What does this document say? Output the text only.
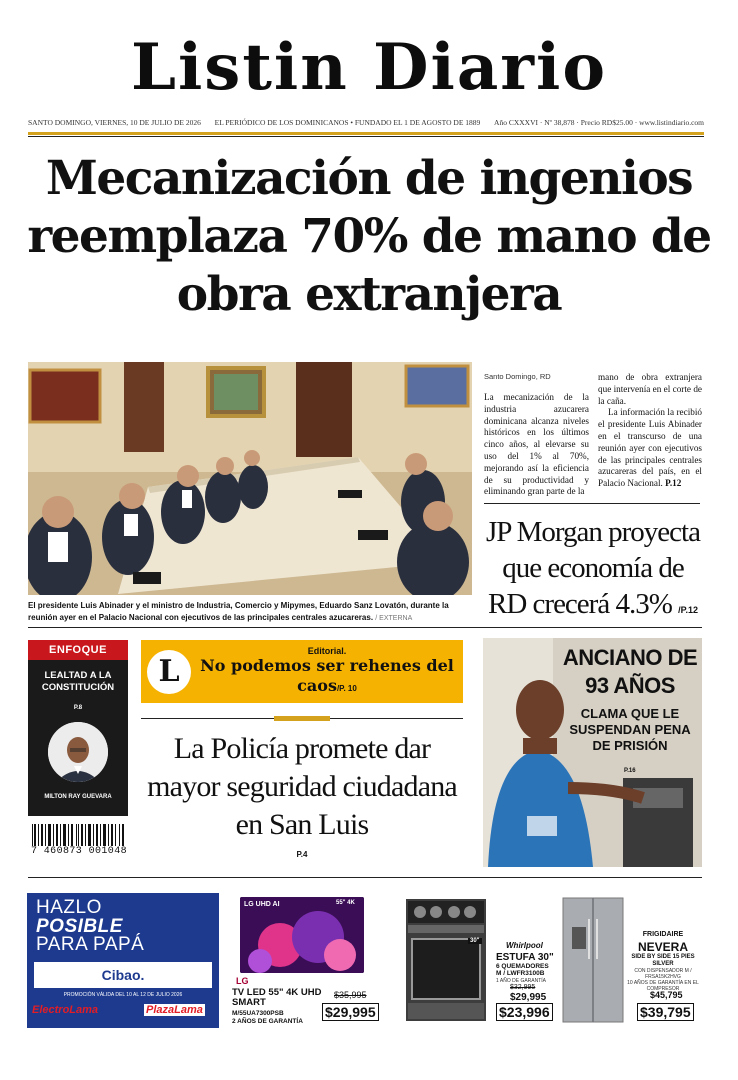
Listin Diario
SANTO DOMINGO, VIERNES, 10 DE JULIO DE 2026 EL PERIÓDICO DE LOS DOMINICANOS • FUNDADO EL 1 DE AGOSTO DE 1889 Año CXXXVI · Nº 38,878 · Precio RD$25.00 · www.listindiario.com
Mecanización de ingenios reemplaza 70% de mano de obra extranjera
El presidente Luis Abinader y el ministro de Industria, Comercio y Mipymes, Eduardo Sanz Lovatón, durante la reunión ayer en el Palacio Nacional con ejecutivos de las principales centrales azucareras. / EXTERNA
Santo Domingo, RD
La mecanización de la industria azucarera dominicana alcanza niveles históricos en los últimos cinco años, al elevarse su uso del 1% al 70%, mejorando así la eficiencia de su productividad y eliminando gran parte de la

mano de obra extranjera que intervenía en el corte de la caña.

La información la recibió el presidente Luis Abinader en el transcurso de una reunión ayer con ejecutivos de las principales centrales azucareras del país, en el Palacio Nacional. P.12

JP Morgan proyecta que economía de RD crecerá 4.3% /P.12
ENFOQUE
LEALTAD A LA CONSTITUCIÓN
P.8
MILTON RAY GUEVARA
7 460873 001048
L
Editorial.
No podemos ser rehenes del caos/P. 10
La Policía promete dar mayor seguridad ciudadana en San Luis
P.4
ANCIANO DE 93 AÑOS
CLAMA QUE LE SUSPENDAN PENA DE PRISIÓN
P.16
HAZLO
POSIBLE
PARA PAPÁ
Cibao.
PROMOCIÓN VÁLIDA DEL 10 AL 12 DE JULIO 2026
ElectroLama	PlazaLama
LG UHD AI	55" 4K
LG
TV LED 55" 4K UHD SMART
M/55UA7300PSB
2 AÑOS DE GARANTÍA
$35,995
$29,995
30"	Whirlpool
ESTUFA 30"
6 QUEMADORES
M / LWFR3100B
1 AÑO DE GARANTÍA
$32,995
$29,995
$23,996
FRIGIDAIRE
NEVERA
SIDE BY SIDE 15 PIES SILVER
CON DISPENSADOR M / FRSA15K2HVG
10 AÑOS DE GARANTÍA EN EL COMPRESOR
$45,795
$39,795
